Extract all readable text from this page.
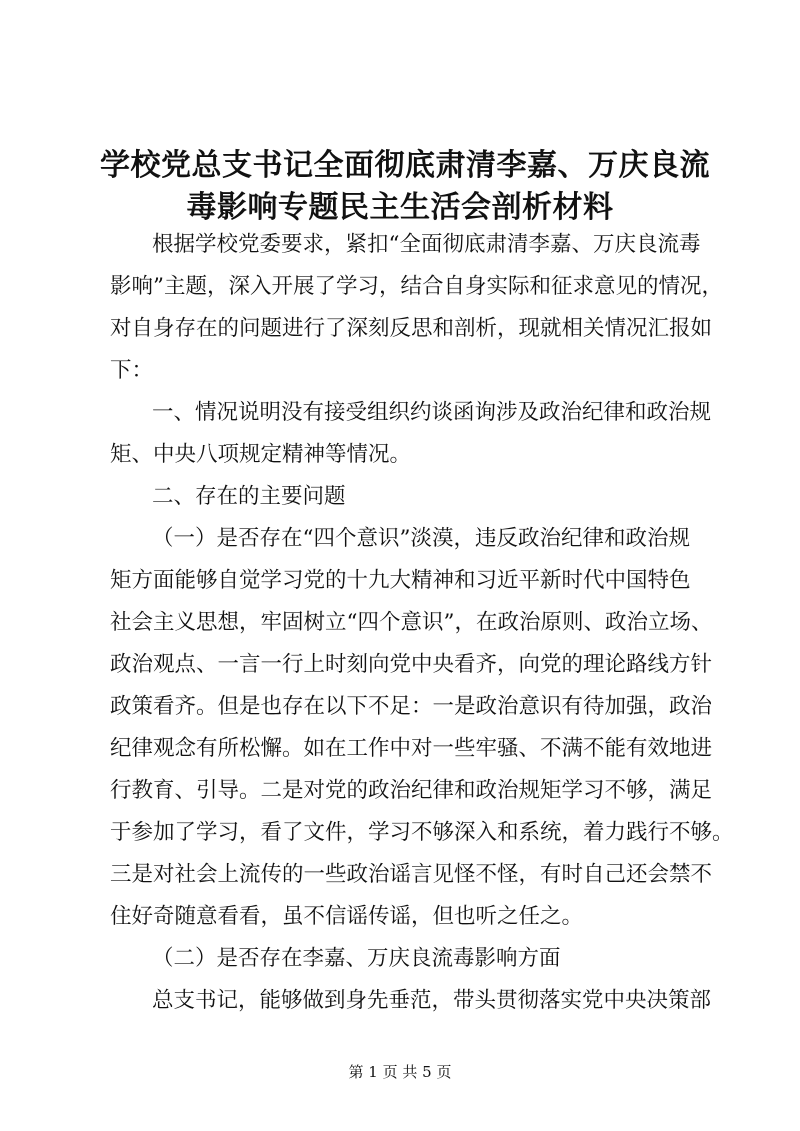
学校党总支书记全面彻底肃清李嘉、万庆良流
毒影响专题民主生活会剖析材料
根据学校党委要求，紧扣“全面彻底肃清李嘉、万庆良流毒
影响”主题，深入开展了学习，结合自身实际和征求意见的情况，
对自身存在的问题进行了深刻反思和剖析，现就相关情况汇报如
下：
一、情况说明没有接受组织约谈函询涉及政治纪律和政治规
矩、中央八项规定精神等情况。
二、存在的主要问题
（一）是否存在“四个意识”淡漠，违反政治纪律和政治规
矩方面能够自觉学习党的十九大精神和习近平新时代中国特色
社会主义思想，牢固树立“四个意识”，在政治原则、政治立场、
政治观点、一言一行上时刻向党中央看齐，向党的理论路线方针
政策看齐。但是也存在以下不足：一是政治意识有待加强，政治
纪律观念有所松懈。如在工作中对一些牢骚、不满不能有效地进
行教育、引导。二是对党的政治纪律和政治规矩学习不够，满足
于参加了学习，看了文件，学习不够深入和系统，着力践行不够。
三是对社会上流传的一些政治谣言见怪不怪，有时自己还会禁不
住好奇随意看看，虽不信谣传谣，但也听之任之。
（二）是否存在李嘉、万庆良流毒影响方面
总支书记，能够做到身先垂范，带头贯彻落实党中央决策部
第 1 页 共 5 页
